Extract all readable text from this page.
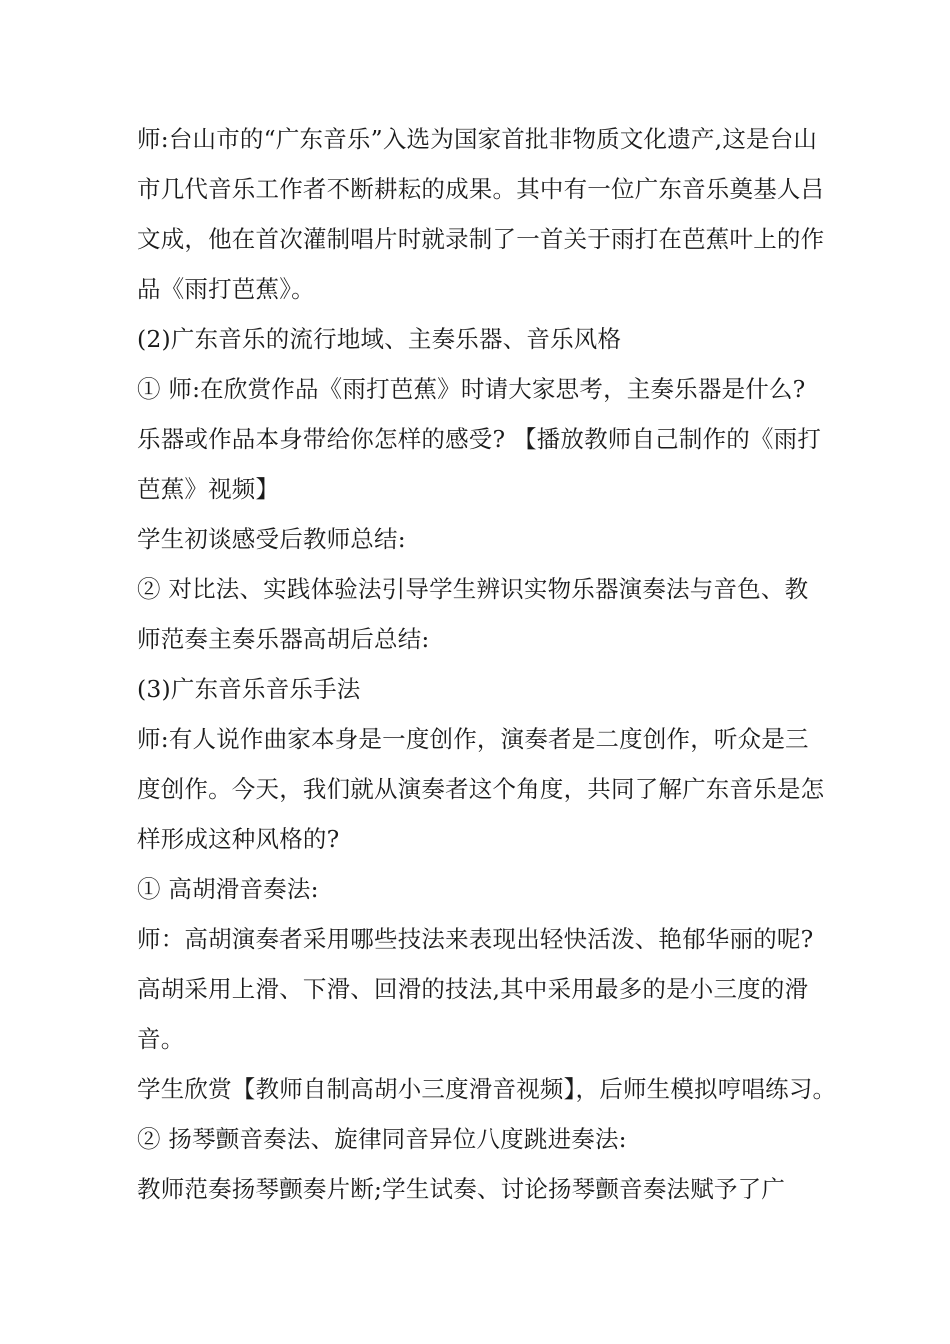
师:台山市的“广东音乐”入选为国家首批非物质文化遗产,这是台山
市几代音乐工作者不断耕耘的成果。其中有一位广东音乐奠基人吕
文成，他在首次灌制唱片时就录制了一首关于雨打在芭蕉叶上的作
品《雨打芭蕉》。
(2)广东音乐的流行地域、主奏乐器、音乐风格
① 师:在欣赏作品《雨打芭蕉》时请大家思考，主奏乐器是什么?
乐器或作品本身带给你怎样的感受? 【播放教师自己制作的《雨打
芭蕉》视频】
学生初谈感受后教师总结:
② 对比法、实践体验法引导学生辨识实物乐器演奏法与音色、教
师范奏主奏乐器高胡后总结:
(3)广东音乐音乐手法
师:有人说作曲家本身是一度创作，演奏者是二度创作，听众是三
度创作。今天，我们就从演奏者这个角度，共同了解广东音乐是怎
样形成这种风格的?
① 高胡滑音奏法:
师：高胡演奏者采用哪些技法来表现出轻快活泼、艳郁华丽的呢?
高胡采用上滑、下滑、回滑的技法,其中采用最多的是小三度的滑
音。
学生欣赏【教师自制高胡小三度滑音视频】，后师生模拟哼唱练习。
② 扬琴颤音奏法、旋律同音异位八度跳进奏法:
教师范奏扬琴颤奏片断;学生试奏、讨论扬琴颤音奏法赋予了广
